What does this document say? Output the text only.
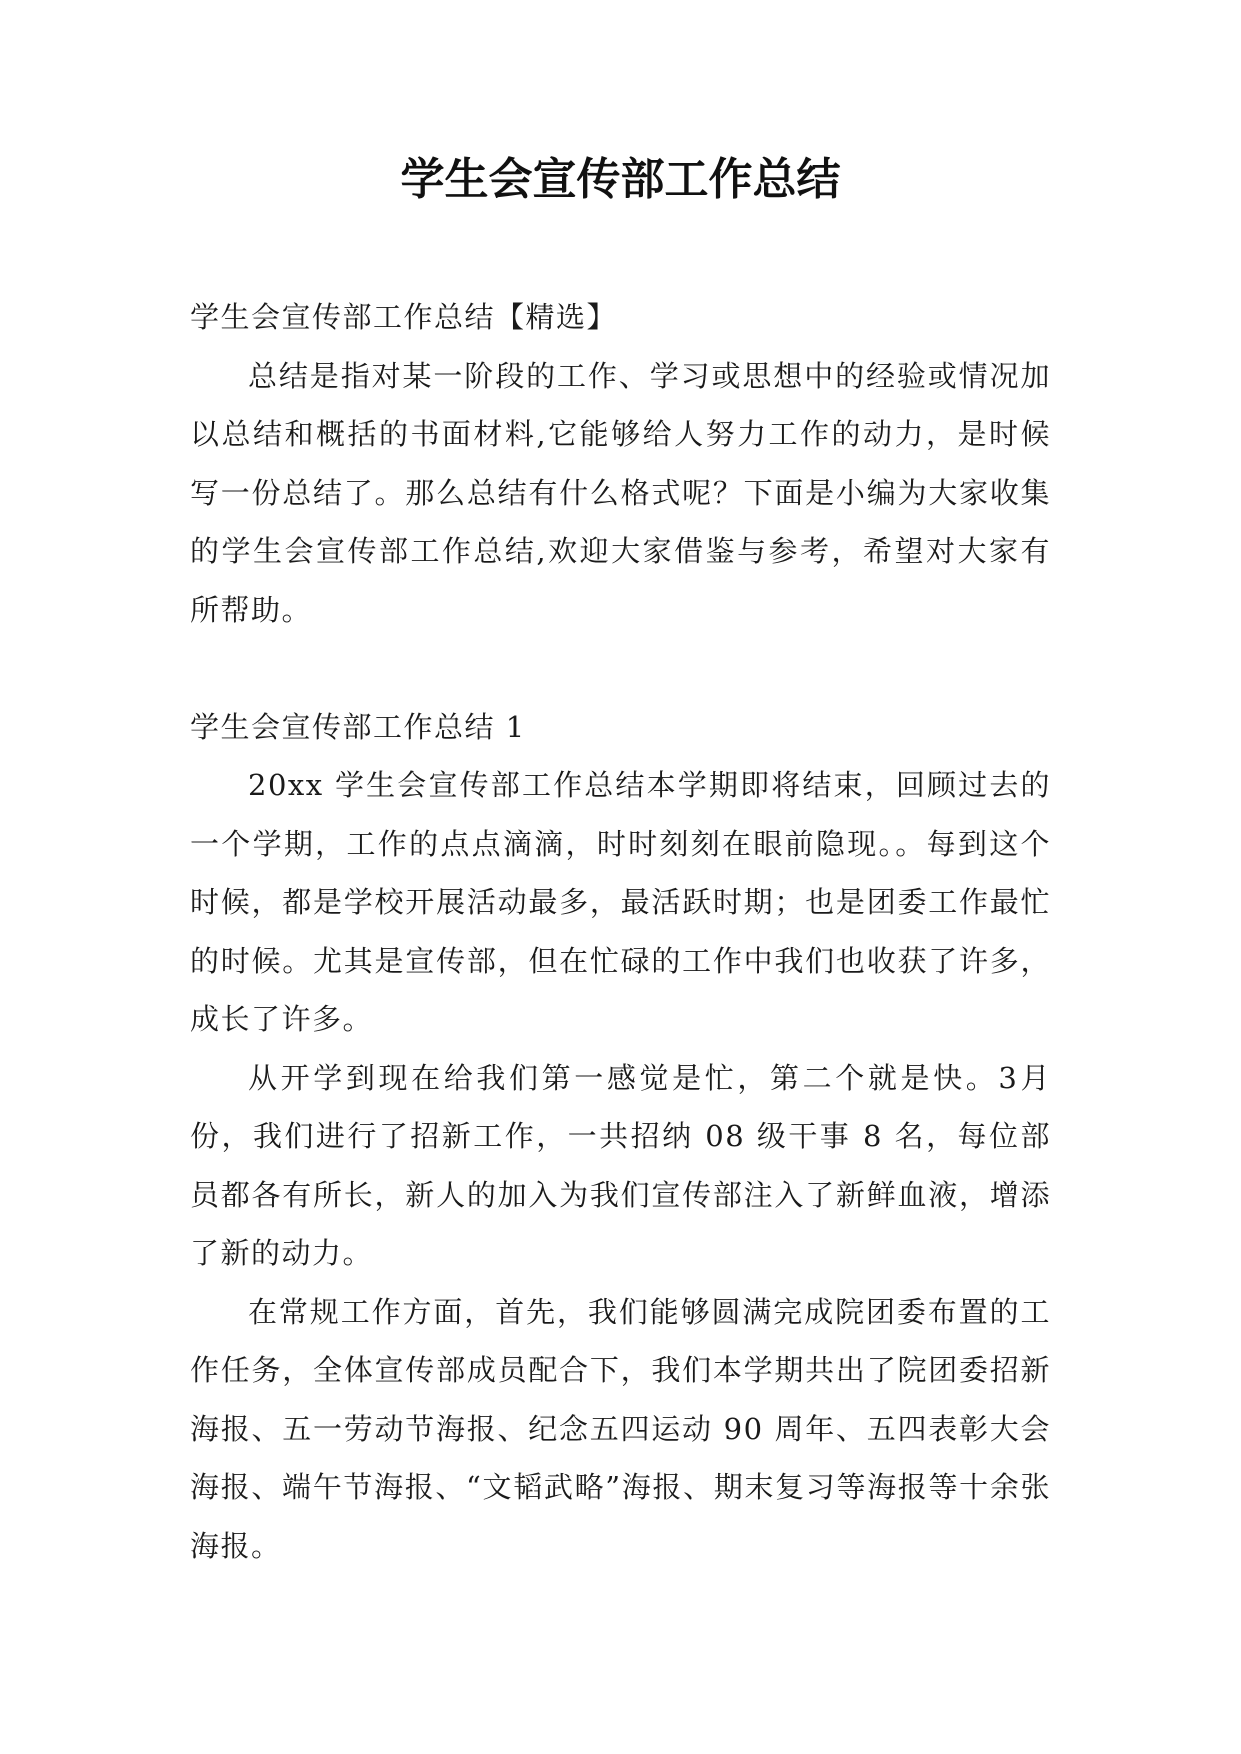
学生会宣传部工作总结

学生会宣传部工作总结【精选】

总结是指对某一阶段的工作、学习或思想中的经验或情况加以总结和概括的书面材料,它能够给人努力工作的动力，是时候写一份总结了。那么总结有什么格式呢？下面是小编为大家收集的学生会宣传部工作总结,欢迎大家借鉴与参考，希望对大家有所帮助。

学生会宣传部工作总结 1

20xx 学生会宣传部工作总结本学期即将结束，回顾过去的一个学期，工作的点点滴滴，时时刻刻在眼前隐现。。每到这个时候，都是学校开展活动最多，最活跃时期；也是团委工作最忙的时候。尤其是宣传部，但在忙碌的工作中我们也收获了许多，成长了许多。

从开学到现在给我们第一感觉是忙，第二个就是快。3月份，我们进行了招新工作，一共招纳 08 级干事 8 名，每位部员都各有所长，新人的加入为我们宣传部注入了新鲜血液，增添了新的动力。

在常规工作方面，首先，我们能够圆满完成院团委布置的工作任务，全体宣传部成员配合下，我们本学期共出了院团委招新海报、五一劳动节海报、纪念五四运动 90 周年、五四表彰大会海报、端午节海报、“文韬武略”海报、期末复习等海报等十余张海报。
